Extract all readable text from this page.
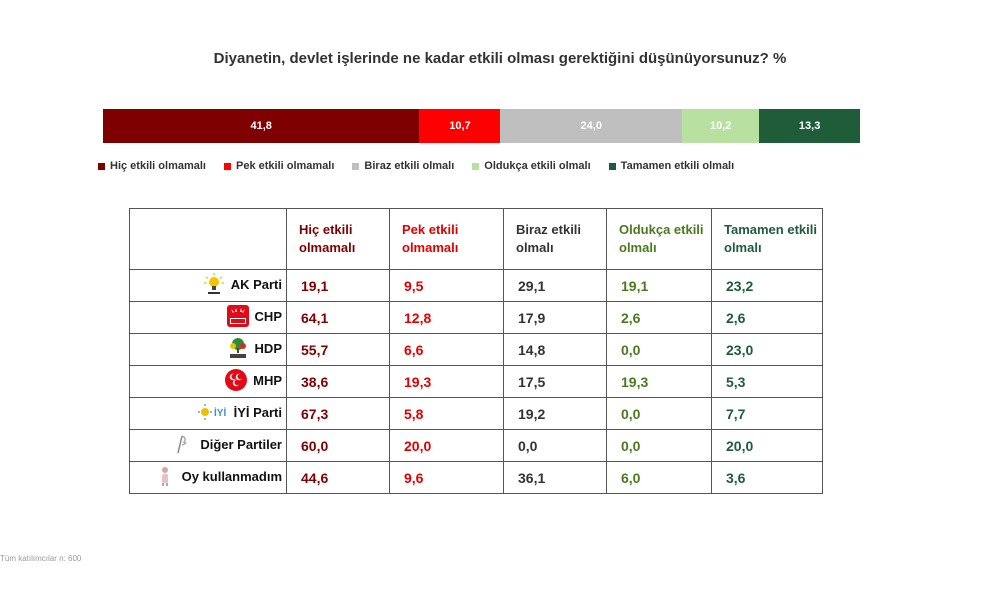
Diyanetin, devlet işlerinde ne kadar etkili olması gerektiğini düşünüyorsunuz? %
41,8	10,7	24,0	10,2	13,3
Hiç etkili olmamalı	Pek etkili olmamalı	Biraz etkili olmalı	Oldukça etkili olmalı	Tamamen etkili olmalı
	Hiç etkili olmamalı	Pek etkili olmamalı	Biraz etkili olmalı	Oldukça etkili olmalı	Tamamen etkili olmalı
AK Parti	19,1	9,5	29,1	19,1	23,2
CHP	64,1	12,8	17,9	2,6	2,6
HDP	55,7	6,6	14,8	0,0	23,0
MHP	38,6	19,3	17,5	19,3	5,3

İYİ İYİ Parti	67,3	5,8	19,2	0,0	7,7
Diğer Partiler	60,0	20,0	0,0	0,0	20,0
Oy kullanmadım	44,6	9,6	36,1	6,0	3,6
Tüm katılımcılar n: 600
